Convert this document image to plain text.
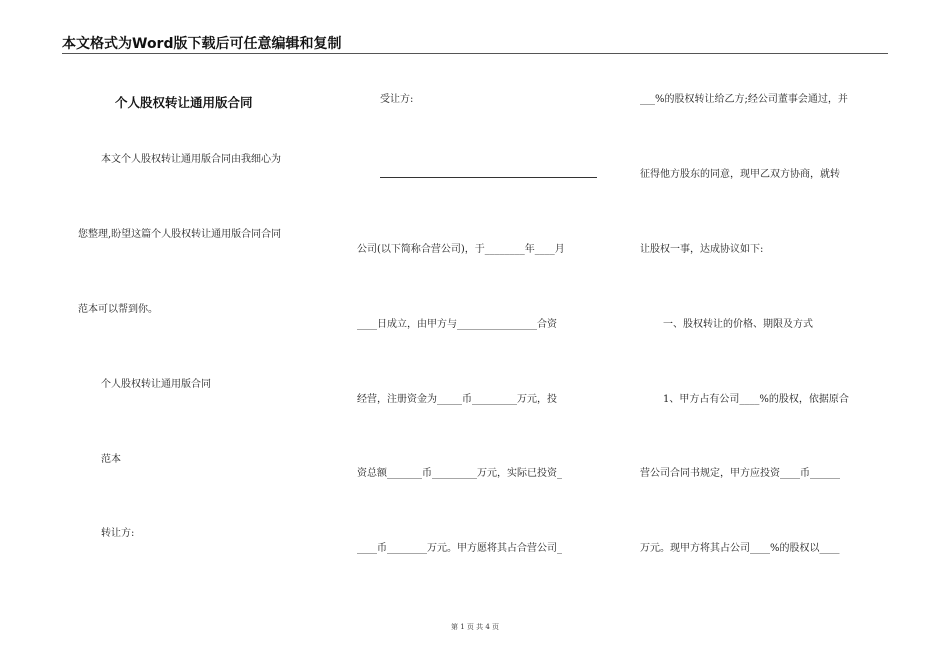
本文格式为Word版下载后可任意编辑和复制
个人股权转让通用版合同
本文个人股权转让通用版合同由我细心为
您整理,盼望这篇个人股权转让通用版合同合同
范本可以帮到你。
个人股权转让通用版合同
范本
转让方:
受让方:
公司(以下简称合营公司)，于________年____月
____日成立，由甲方与________________合资
经营，注册资金为_____币_________万元，投
资总额_______币_________万元，实际已投资_
____币________万元。甲方愿将其占合营公司_
___%的股权转让给乙方;经公司董事会通过，并
征得他方股东的同意，现甲乙双方协商，就转
让股权一事，达成协议如下:
一、股权转让的价格、期限及方式
1、甲方占有公司____%的股权，依据原合
营公司合同书规定，甲方应投资____币______
万元。现甲方将其占公司____%的股权以____
第 1 页 共 4 页
